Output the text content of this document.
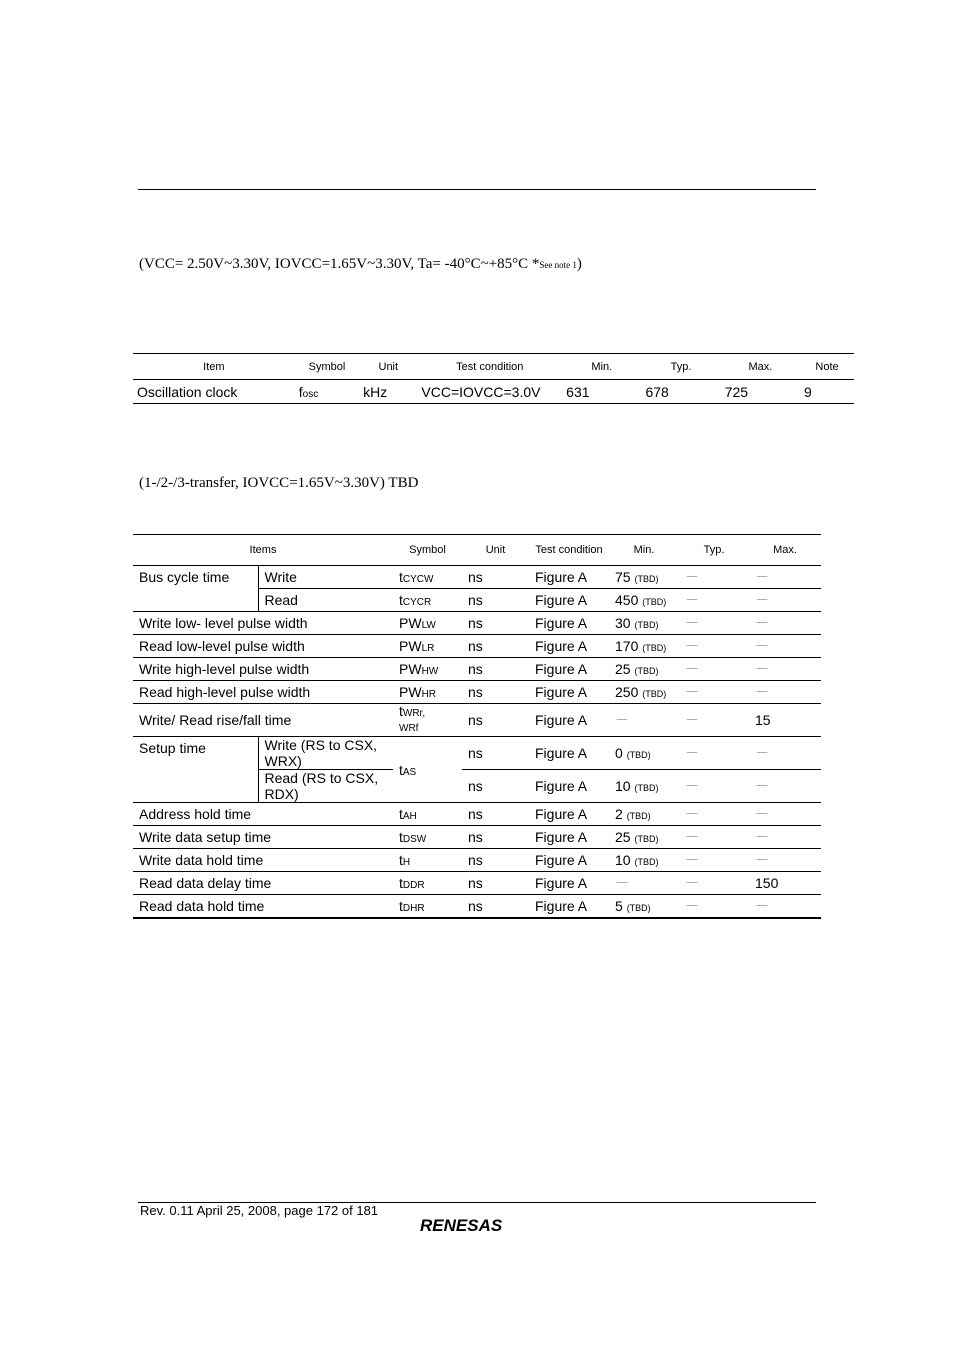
(VCC= 2.50V~3.30V, IOVCC=1.65V~3.30V, Ta= -40°C~+85°C *See note 1)
Item	Symbol	Unit	Test condition	Min.	Typ.	Max.	Note
Oscillation clock	fosc	kHz	VCC=IOVCC=3.0V	631	678	725	9
(1-/2-/3-transfer, IOVCC=1.65V~3.30V) TBD
Items		Symbol	Unit	Test condition	Min.	Typ.	Max.
Bus cycle time	Write	tCYCW	ns	Figure A	75 (TBD)	－	－
	Read	tCYCR	ns	Figure A	450 (TBD)	－	－
Write low- level pulse width		PWLW	ns	Figure A	30 (TBD)	－	－
Read low-level pulse width		PWLR	ns	Figure A	170 (TBD)	－	－
Write high-level pulse width		PWHW	ns	Figure A	25 (TBD)	－	－
Read high-level pulse width		PWHR	ns	Figure A	250 (TBD)	－	－
Write/ Read rise/fall time		tWRr,
WRf	ns	Figure A	－	－	15
Setup time	Write (RS to CSX, WRX)	tAS	ns	Figure A	0 (TBD)	－	－
	Read (RS to CSX, RDX)		ns	Figure A	10 (TBD)	－	－
Address hold time		tAH	ns	Figure A	2 (TBD)	－	－
Write data setup time		tDSW	ns	Figure A	25 (TBD)	－	－
Write data hold time		tH	ns	Figure A	10 (TBD)	－	－
Read data delay time		tDDR	ns	Figure A	－	－	150
Read data hold time		tDHR	ns	Figure A	5 (TBD)	－	－
Rev. 0.11 April 25, 2008, page 172 of 181
RENESAS
